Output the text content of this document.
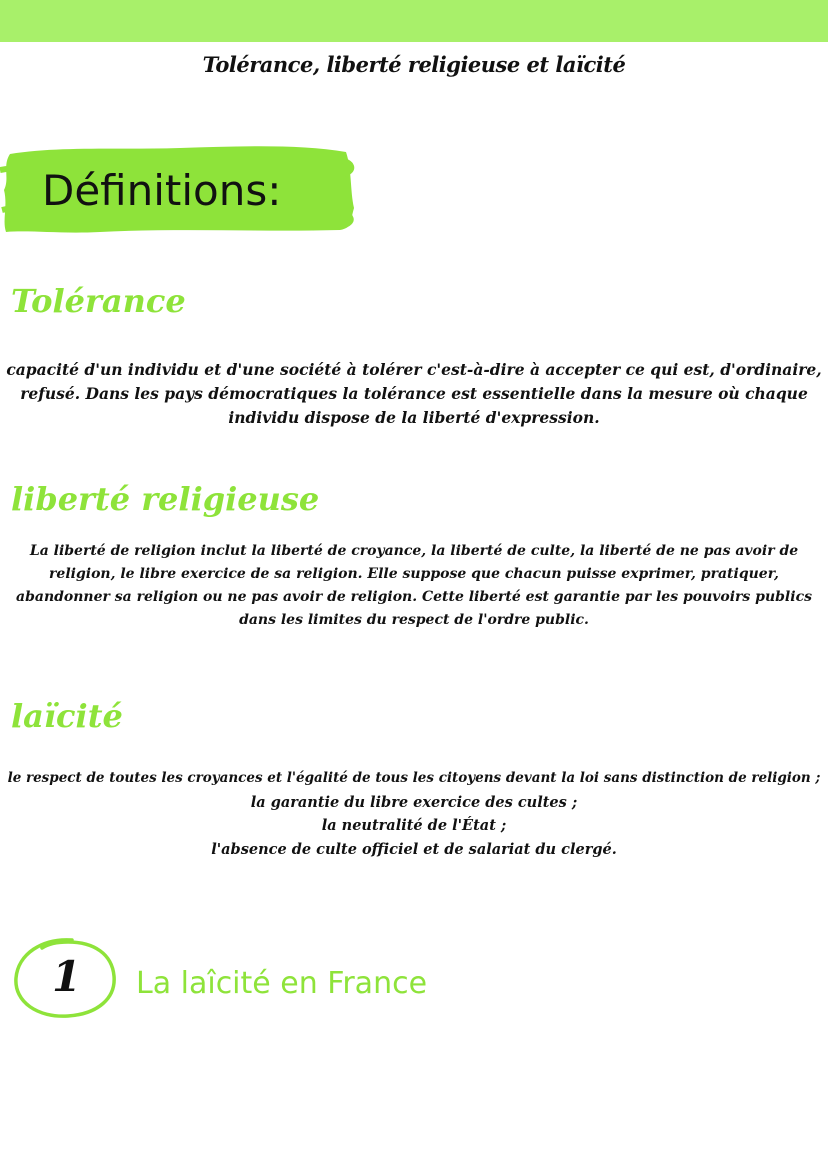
Tolérance, liberté religieuse et laïcité
Définitions:
Tolérance

capacité d'un individu et d'une société à tolérer c'est-à-dire à accepter ce qui est, d'ordinaire,
refusé. Dans les pays démocratiques la tolérance est essentielle dans la mesure où chaque
individu dispose de la liberté d'expression.

liberté religieuse

La liberté de religion inclut la liberté de croyance, la liberté de culte, la liberté de ne pas avoir de
religion, le libre exercice de sa religion. Elle suppose que chacun puisse exprimer, pratiquer,
abandonner sa religion ou ne pas avoir de religion. Cette liberté est garantie par les pouvoirs publics
dans les limites du respect de l'ordre public.

laïcité

le respect de toutes les croyances et l'égalité de tous les citoyens devant la loi sans distinction de religion ;
la garantie du libre exercice des cultes ;
la neutralité de l'État ;
l'absence de culte officiel et de salariat du clergé.

1 La laîcité en France
